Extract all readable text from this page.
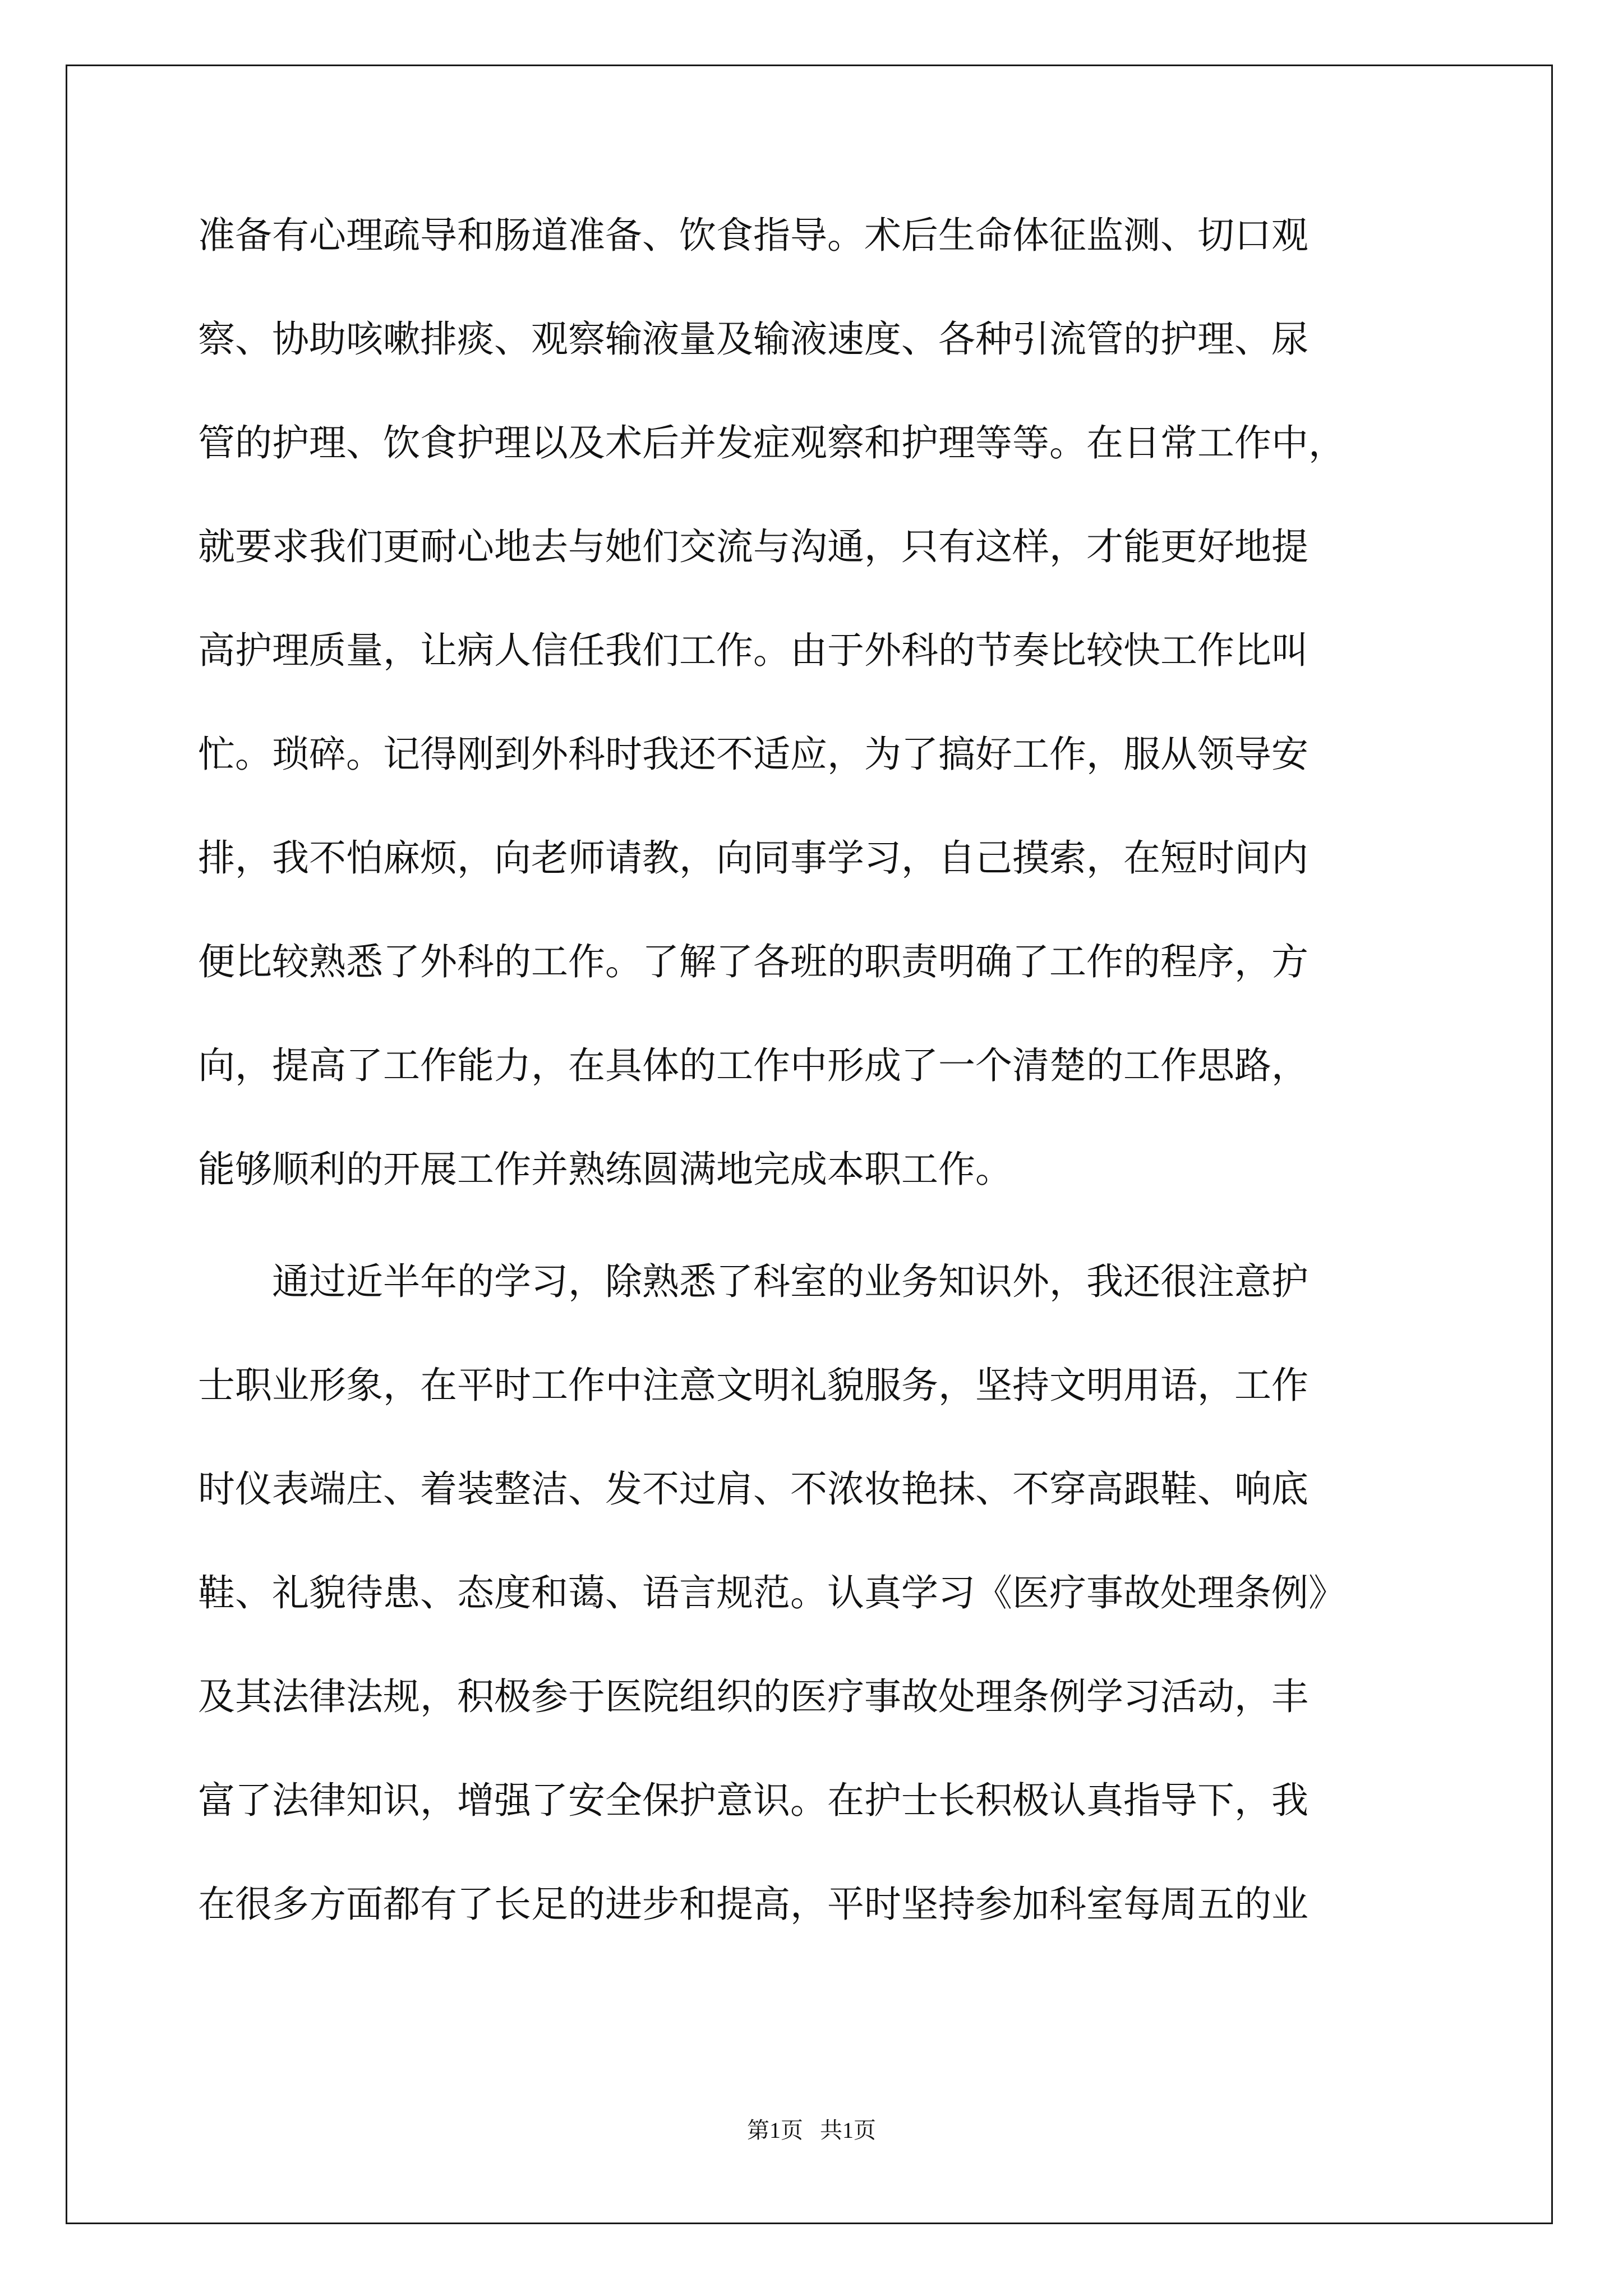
准备有心理疏导和肠道准备、饮食指导。术后生命体征监测、切口观
察、协助咳嗽排痰、观察输液量及输液速度、各种引流管的护理、尿
管的护理、饮食护理以及术后并发症观察和护理等等。在日常工作中，
就要求我们更耐心地去与她们交流与沟通，只有这样，才能更好地提
高护理质量，让病人信任我们工作。由于外科的节奏比较快工作比叫
忙。琐碎。记得刚到外科时我还不适应，为了搞好工作，服从领导安
排，我不怕麻烦，向老师请教，向同事学习，自己摸索，在短时间内
便比较熟悉了外科的工作。了解了各班的职责明确了工作的程序，方
向，提高了工作能力，在具体的工作中形成了一个清楚的工作思路，
能够顺利的开展工作并熟练圆满地完成本职工作。
通过近半年的学习，除熟悉了科室的业务知识外，我还很注意护
士职业形象，在平时工作中注意文明礼貌服务，坚持文明用语，工作
时仪表端庄、着装整洁、发不过肩、不浓妆艳抹、不穿高跟鞋、响底
鞋、礼貌待患、态度和蔼、语言规范。认真学习《医疗事故处理条例》
及其法律法规，积极参于医院组织的医疗事故处理条例学习活动，丰
富了法律知识，增强了安全保护意识。在护士长积极认真指导下，我
在很多方面都有了长足的进步和提高，平时坚持参加科室每周五的业
第1页   共1页
